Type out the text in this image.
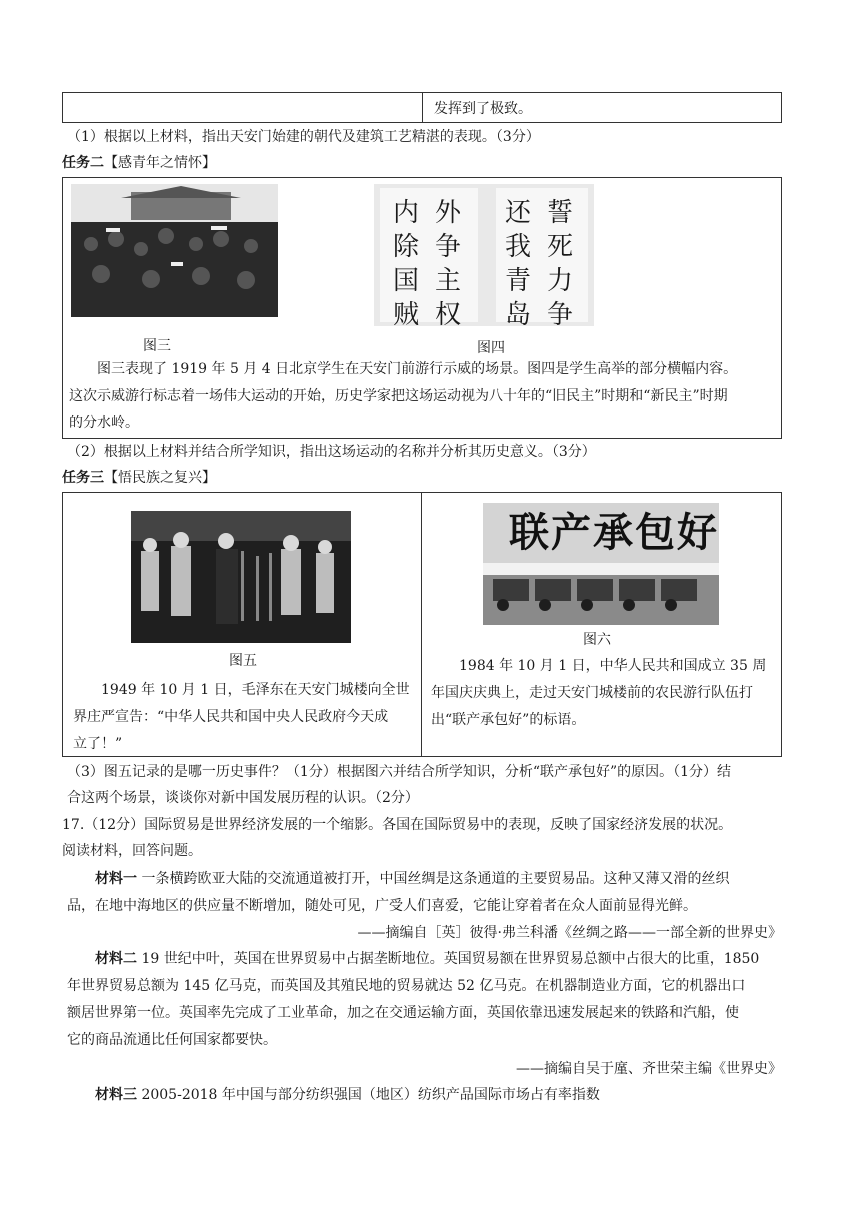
发挥到了极致。
（1）根据以上材料，指出天安门始建的朝代及建筑工艺精湛的表现。（3分）
任务二【感青年之情怀】
图三
内除国贼
外争主权
还我青岛
誓死力争
图四
图三表现了 1919 年 5 月 4 日北京学生在天安门前游行示威的场景。图四是学生高举的部分横幅内容。
这次示威游行标志着一场伟大运动的开始，历史学家把这场运动视为八十年的“旧民主”时期和“新民主”时期
的分水岭。
（2）根据以上材料并结合所学知识，指出这场运动的名称并分析其历史意义。（3分）
任务三【悟民族之复兴】
图五
1949 年 10 月 1 日，毛泽东在天安门城楼向全世
界庄严宣告：“中华人民共和国中央人民政府今天成
立了！”
联产承包好
图六
1984 年 10 月 1 日，中华人民共和国成立 35 周
年国庆庆典上，走过天安门城楼前的农民游行队伍打
出“联产承包好”的标语。
（3）图五记录的是哪一历史事件？（1分）根据图六并结合所学知识，分析“联产承包好”的原因。（1分）结
合这两个场景，谈谈你对新中国发展历程的认识。（2分）
17.（12分）国际贸易是世界经济发展的一个缩影。各国在国际贸易中的表现，反映了国家经济发展的状况。
阅读材料，回答问题。
材料一 一条横跨欧亚大陆的交流通道被打开，中国丝绸是这条通道的主要贸易品。这种又薄又滑的丝织
品，在地中海地区的供应量不断增加，随处可见，广受人们喜爱，它能让穿着者在众人面前显得光鲜。
——摘编自［英］彼得·弗兰科潘《丝绸之路——一部全新的世界史》
材料二 19 世纪中叶，英国在世界贸易中占据垄断地位。英国贸易额在世界贸易总额中占很大的比重，1850
年世界贸易总额为 145 亿马克，而英国及其殖民地的贸易就达 52 亿马克。在机器制造业方面，它的机器出口
额居世界第一位。英国率先完成了工业革命，加之在交通运输方面，英国依靠迅速发展起来的铁路和汽船，使
它的商品流通比任何国家都要快。
——摘编自吴于廑、齐世荣主编《世界史》
材料三 2005-2018 年中国与部分纺织强国（地区）纺织产品国际市场占有率指数
